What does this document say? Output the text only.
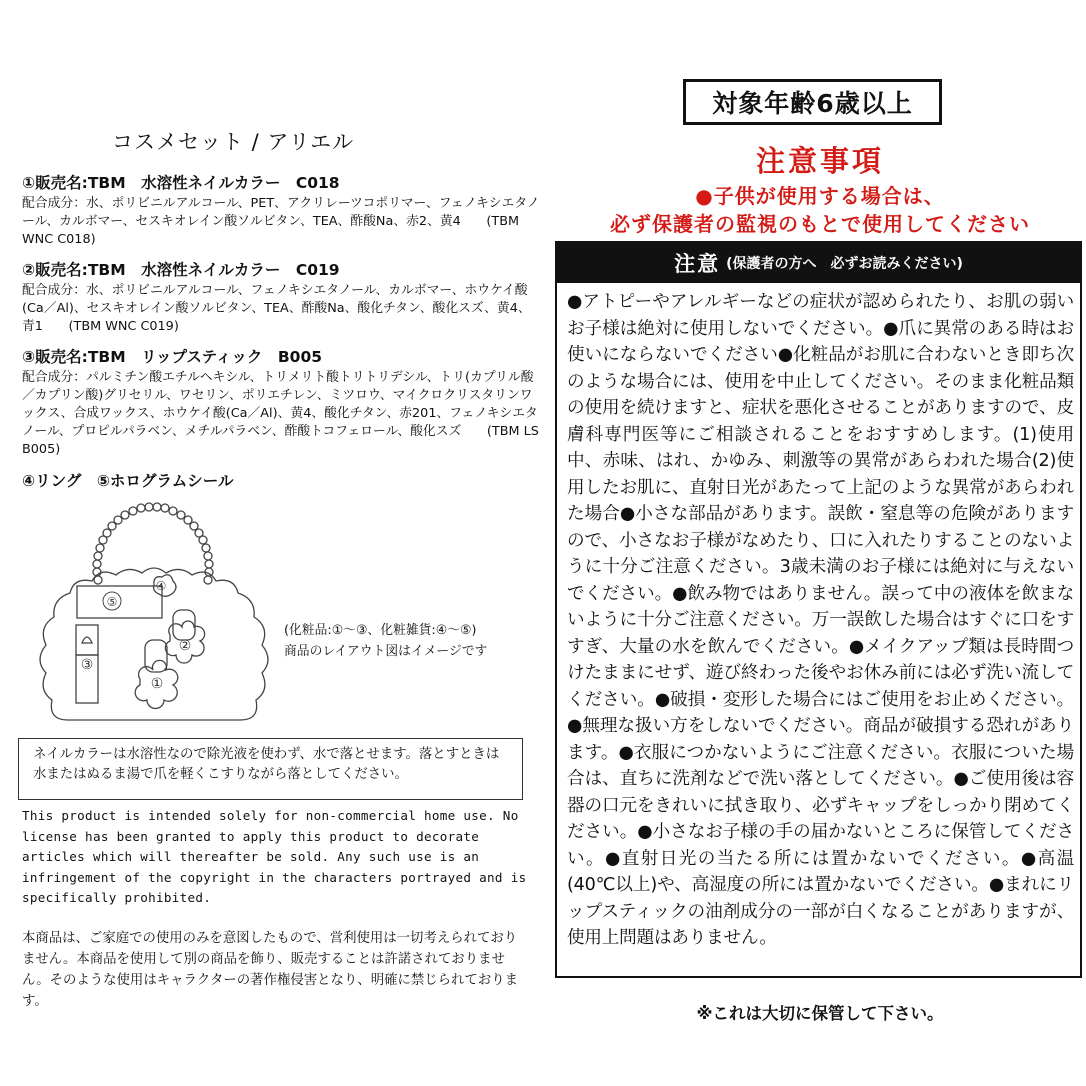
コスメセット / アリエル
①販売名:TBM　水溶性ネイルカラー　C018
配合成分：水、ポリビニルアルコール、PET、アクリレーツコポリマー、フェノキシエタノール、カルボマー、セスキオレイン酸ソルビタン、TEA、酢酸Na、赤2、黄4　　(TBM WNC C018)
②販売名:TBM　水溶性ネイルカラー　C019
配合成分：水、ポリビニルアルコール、フェノキシエタノール、カルボマー、ホウケイ酸(Ca／Al)、セスキオレイン酸ソルビタン、TEA、酢酸Na、酸化チタン、酸化スズ、黄4、青1　　(TBM WNC C019)
③販売名:TBM　リップスティック　B005
配合成分：パルミチン酸エチルヘキシル、トリメリト酸トリトリデシル、トリ(カプリル酸／カプリン酸)グリセリル、ワセリン、ポリエチレン、ミツロウ、マイクロクリスタリンワックス、合成ワックス、ホウケイ酸(Ca／Al)、黄4、酸化チタン、赤201、フェノキシエタノール、プロピルパラベン、メチルパラベン、酢酸トコフェロール、酸化スズ　　(TBM LS B005)
④リング　⑤ホログラムシール
⑤
④
③
②
①
(化粧品:①～③、化粧雑貨:④～⑤)
商品のレイアウト図はイメージです
ネイルカラーは水溶性なので除光液を使わず、水で落とせます。落とすときは水またはぬるま湯で爪を軽くこすりながら落としてください。
This product is intended solely for non-commercial home use. No license has been granted to apply this product to decorate articles which will thereafter be sold. Any such use is an infringement of the copyright in the characters portrayed and is specifically prohibited.
本商品は、ご家庭での使用のみを意図したもので、営利使用は一切考えられておりません。本商品を使用して別の商品を飾り、販売することは許諾されておりません。そのような使用はキャラクターの著作権侵害となり、明確に禁じられております。
対象年齢6歳以上
注意事項
●子供が使用する場合は、
必ず保護者の監視のもとで使用してください
注意 (保護者の方へ　必ずお読みください)
●アトピーやアレルギーなどの症状が認められたり、お肌の弱いお子様は絶対に使用しないでください。●爪に異常のある時はお使いにならないでください●化粧品がお肌に合わないとき即ち次のような場合には、使用を中止してください。そのまま化粧品類の使用を続けますと、症状を悪化させることがありますので、皮膚科専門医等にご相談されることをおすすめします。(1)使用中、赤味、はれ、かゆみ、刺激等の異常があらわれた場合(2)使用したお肌に、直射日光があたって上記のような異常があらわれた場合●小さな部品があります。誤飲・窒息等の危険がありますので、小さなお子様がなめたり、口に入れたりすることのないように十分ご注意ください。3歳未満のお子様には絶対に与えないでください。●飲み物ではありません。誤って中の液体を飲まないように十分ご注意ください。万一誤飲した場合はすぐに口をすすぎ、大量の水を飲んでください。●メイクアップ類は長時間つけたままにせず、遊び終わった後やお休み前には必ず洗い流してください。●破損・変形した場合にはご使用をお止めください。●無理な扱い方をしないでください。商品が破損する恐れがあります。●衣服につかないようにご注意ください。衣服についた場合は、直ちに洗剤などで洗い落としてください。●ご使用後は容器の口元をきれいに拭き取り、必ずキャップをしっかり閉めてください。●小さなお子様の手の届かないところに保管してください。●直射日光の当たる所には置かないでください。●高温(40℃以上)や、高湿度の所には置かないでください。●まれにリップスティックの油剤成分の一部が白くなることがありますが、使用上問題はありません。
※これは大切に保管して下さい。
